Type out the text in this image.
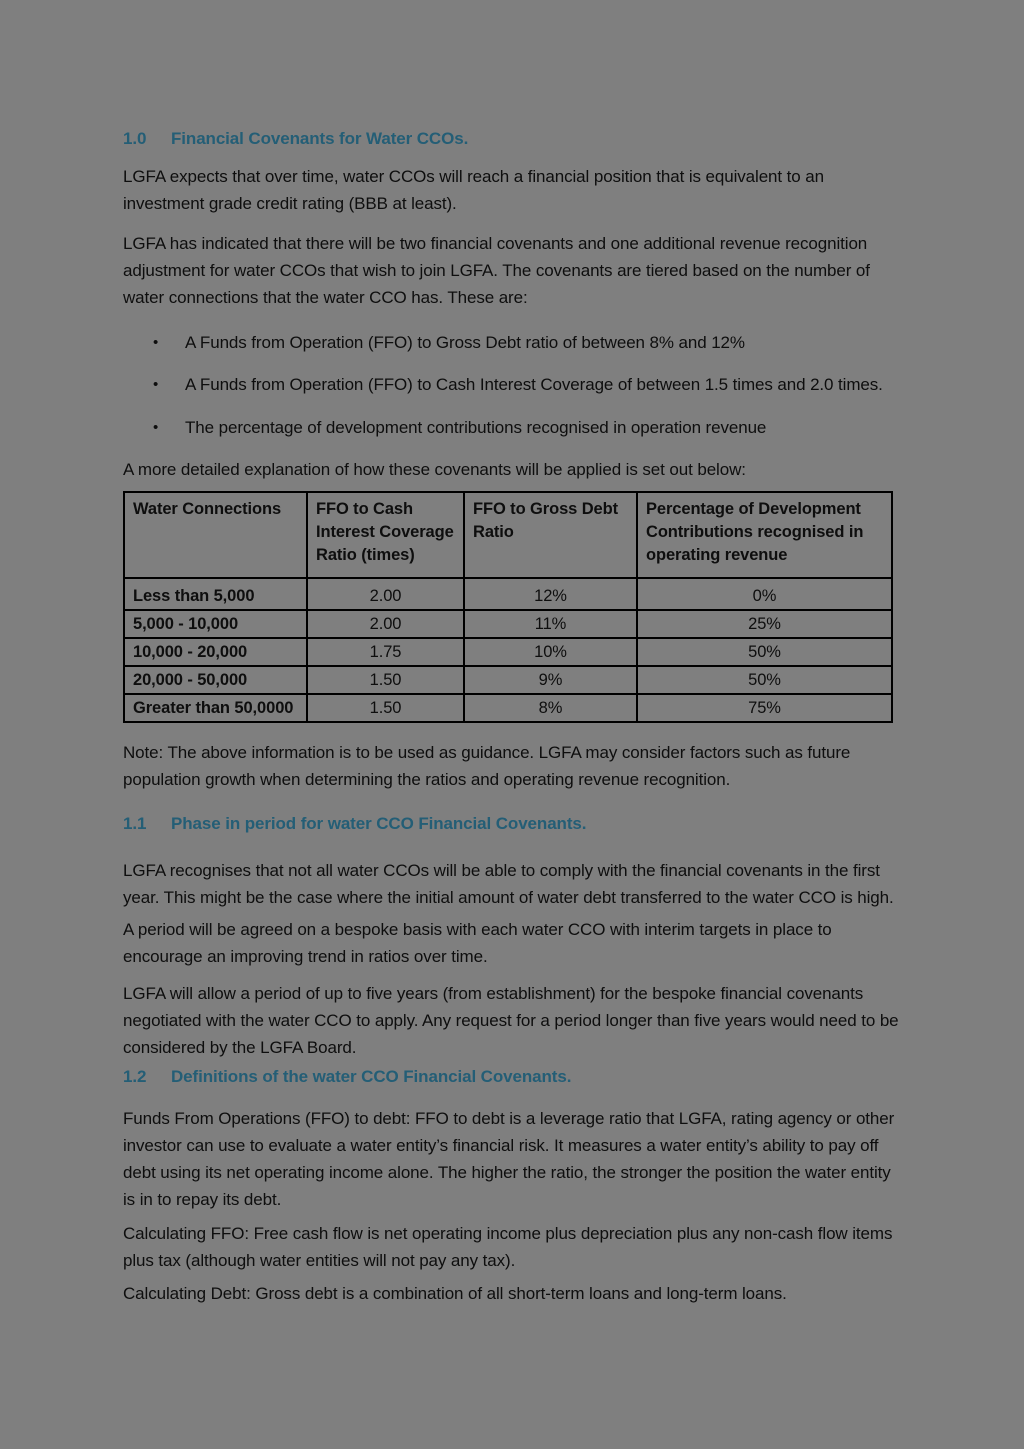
1.0	Financial Covenants for Water CCOs.

LGFA expects that over time, water CCOs will reach a financial position that is equivalent to an investment grade credit rating (BBB at least).

LGFA has indicated that there will be two financial covenants and one additional revenue recognition adjustment for water CCOs that wish to join LGFA. The covenants are tiered based on the number of water connections that the water CCO has. These are:

•	A Funds from Operation (FFO) to Gross Debt ratio of between 8% and 12%
•	A Funds from Operation (FFO) to Cash Interest Coverage of between 1.5 times and 2.0 times.
•	The percentage of development contributions recognised in operation revenue

A more detailed explanation of how these covenants will be applied is set out below:

Water Connections	FFO to Cash Interest Coverage Ratio (times)	FFO to Gross Debt Ratio	Percentage of Development Contributions recognised in operating revenue
Less than 5,000	2.00	12%	0%
5,000 - 10,000	2.00	11%	25%
10,000 - 20,000	1.75	10%	50%
20,000 - 50,000	1.50	9%	50%
Greater than 50,0000	1.50	8%	75%

Note: The above information is to be used as guidance. LGFA may consider factors such as future population growth when determining the ratios and operating revenue recognition.

1.1	Phase in period for water CCO Financial Covenants.

LGFA recognises that not all water CCOs will be able to comply with the financial covenants in the first year. This might be the case where the initial amount of water debt transferred to the water CCO is high.

A period will be agreed on a bespoke basis with each water CCO with interim targets in place to encourage an improving trend in ratios over time.

LGFA will allow a period of up to five years (from establishment) for the bespoke financial covenants negotiated with the water CCO to apply. Any request for a period longer than five years would need to be considered by the LGFA Board.

1.2	Definitions of the water CCO Financial Covenants.

Funds From Operations (FFO) to debt: FFO to debt is a leverage ratio that LGFA, rating agency or other investor can use to evaluate a water entity’s financial risk. It measures a water entity’s ability to pay off debt using its net operating income alone. The higher the ratio, the stronger the position the water entity is in to repay its debt.

Calculating FFO: Free cash flow is net operating income plus depreciation plus any non-cash flow items plus tax (although water entities will not pay any tax).

Calculating Debt: Gross debt is a combination of all short-term loans and long-term loans.
